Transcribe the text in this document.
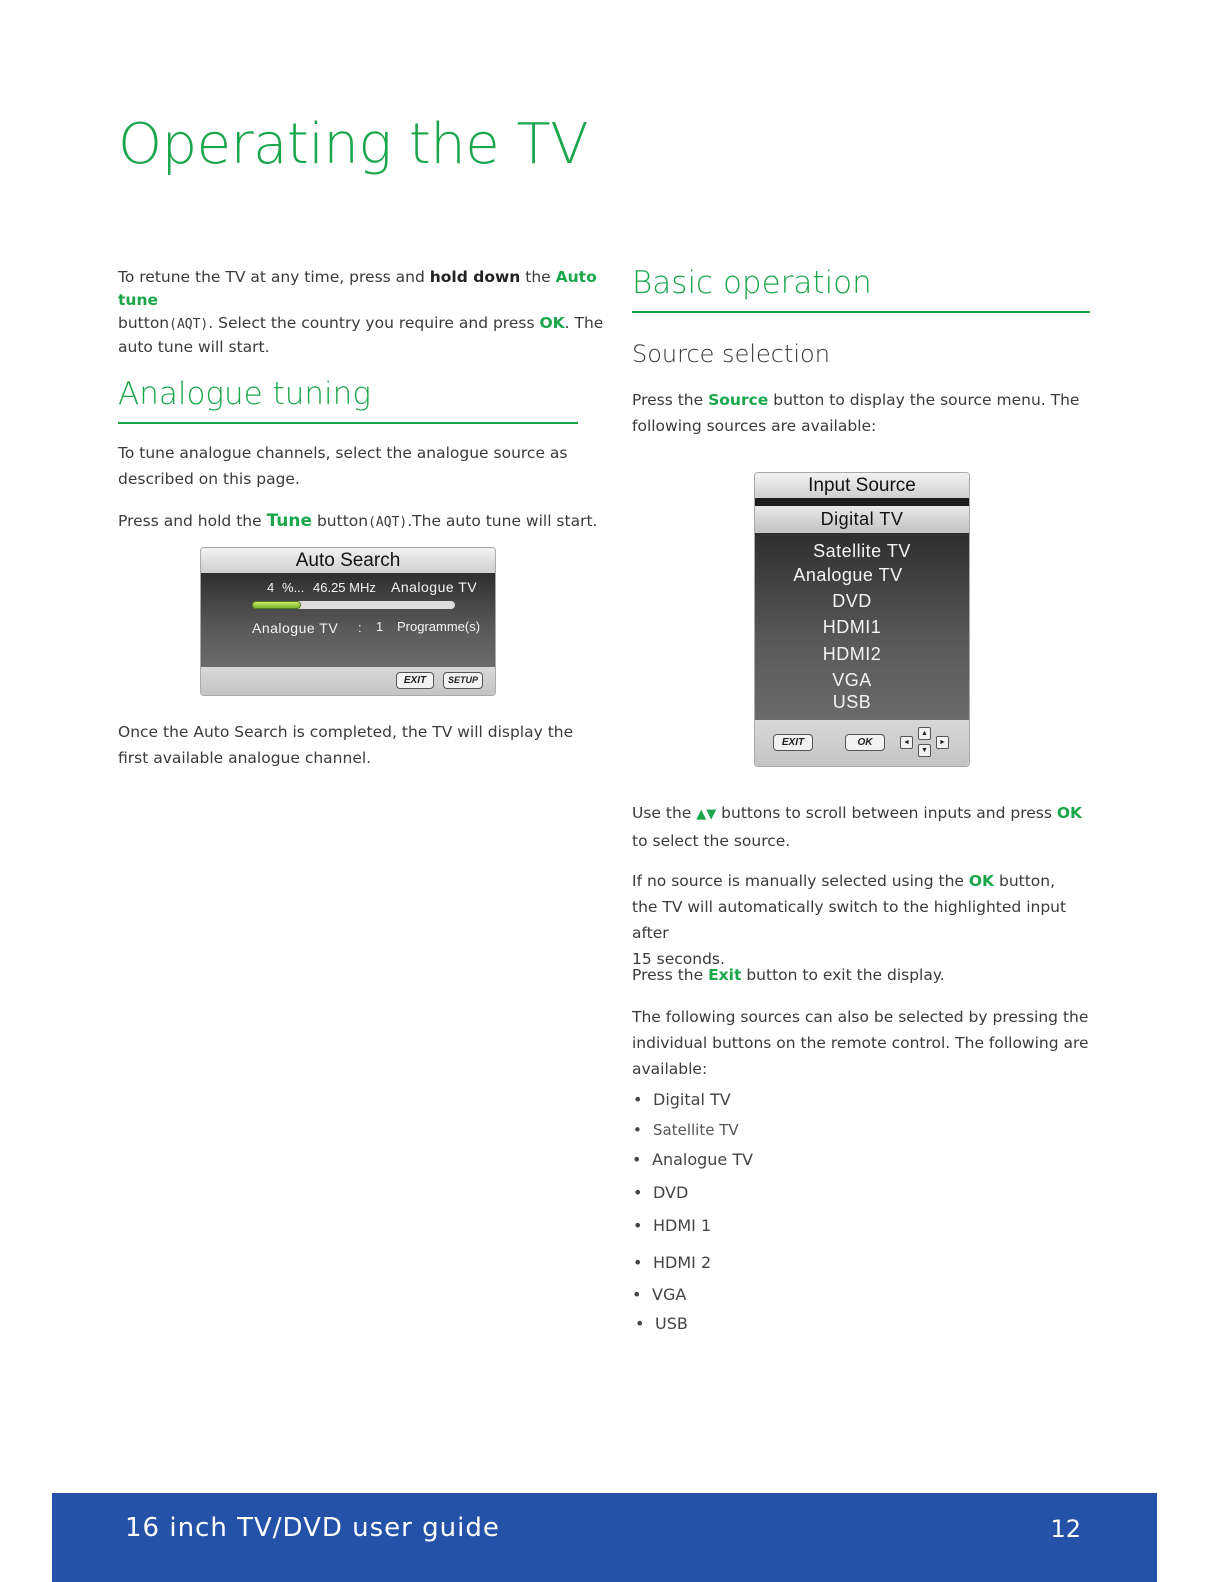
Operating the TV
To retune the TV at any time, press and hold down the Auto tune
button(AQT). Select the country you require and press OK. The
auto tune will start.
Analogue tuning
To tune analogue channels, select the analogue source as
described on this page.
Press and hold the Tune button(AQT).The auto tune will start.
Auto Search
4 %... 46.25 MHz Analogue TV
Analogue TV : 1 Programme(s)
EXIT	SETUP
Once the Auto Search is completed, the TV will display the
first available analogue channel.
Basic operation
Source selection
Press the Source button to display the source menu. The
following sources are available:
Input Source
Digital TV
Satellite TV
Analogue TV
DVD
HDMI1
HDMI2
VGA
USB
EXIT	OK	◄
▲
▼
►
Use the ▲▼ buttons to scroll between inputs and press OK
to select the source.
If no source is manually selected using the OK button,
the TV will automatically switch to the highlighted input after
15 seconds.
Press the Exit button to exit the display.
The following sources can also be selected by pressing the
individual buttons on the remote control. The following are
available:
• Digital TV
• Satellite TV
• Analogue TV
• DVD
• HDMI 1
• HDMI 2
• VGA
• USB
16 inch TV/DVD user guide	12
